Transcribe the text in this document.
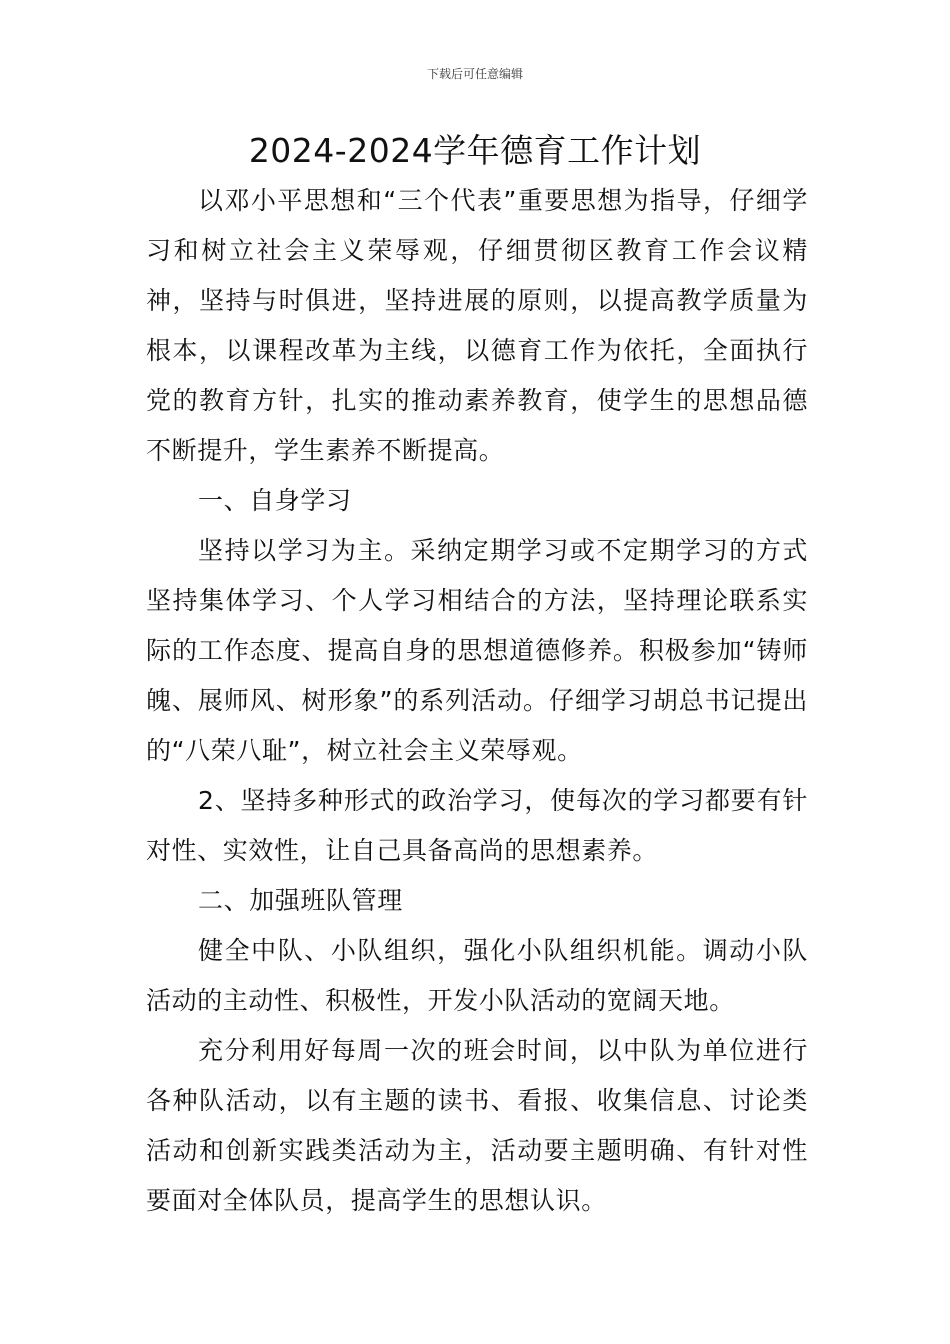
下载后可任意编辑
2024-2024学年德育工作计划

以邓小平思想和“三个代表”重要思想为指导，仔细学习和树立社会主义荣辱观，仔细贯彻区教育工作会议精神，坚持与时俱进，坚持进展的原则，以提高教学质量为根本，以课程改革为主线，以德育工作为依托，全面执行党的教育方针，扎实的推动素养教育，使学生的思想品德不断提升，学生素养不断提高。

一、自身学习

坚持以学习为主。采纳定期学习或不定期学习的方式坚持集体学习、个人学习相结合的方法，坚持理论联系实际的工作态度、提高自身的思想道德修养。积极参加“铸师魄、展师风、树形象”的系列活动。仔细学习胡总书记提出的“八荣八耻”，树立社会主义荣辱观。

2、坚持多种形式的政治学习，使每次的学习都要有针对性、实效性，让自己具备高尚的思想素养。

二、加强班队管理

健全中队、小队组织，强化小队组织机能。调动小队活动的主动性、积极性，开发小队活动的宽阔天地。

充分利用好每周一次的班会时间，以中队为单位进行各种队活动，以有主题的读书、看报、收集信息、讨论类活动和创新实践类活动为主，活动要主题明确、有针对性要面对全体队员，提高学生的思想认识。
